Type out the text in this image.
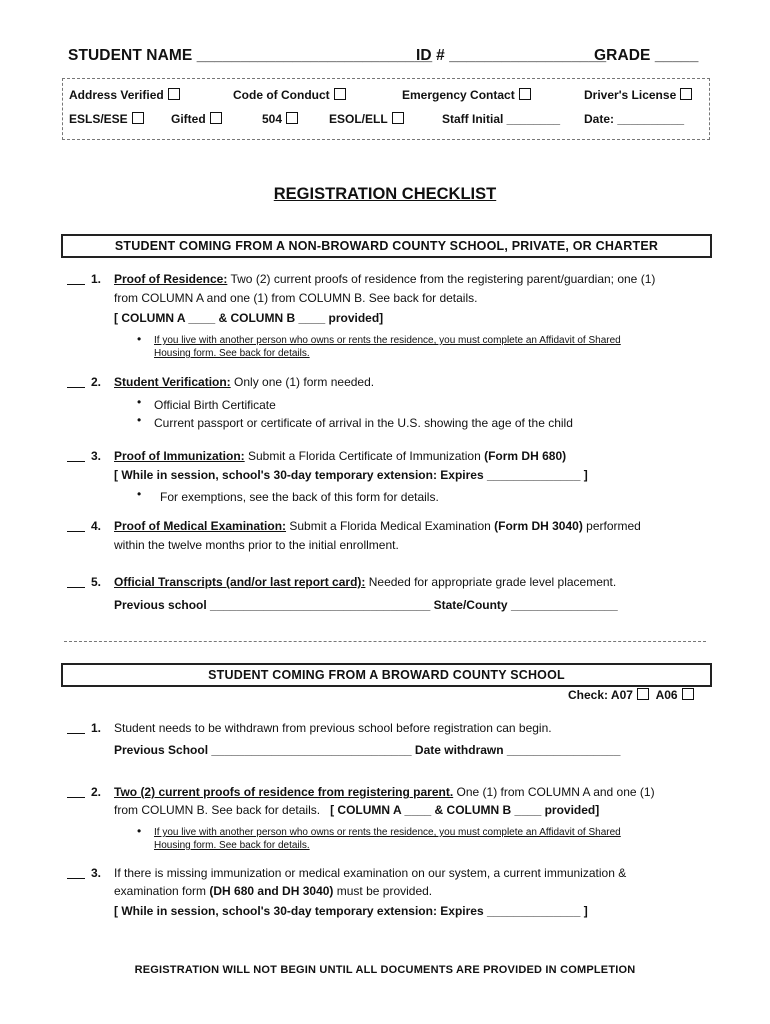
STUDENT NAME ___________________________
ID # __________________
GRADE _____
Address Verified	Code of Conduct	Emergency Contact	Driver's License
ESLS/ESE	Gifted	504	ESOL/ELL	Staff Initial ________ Date: __________
REGISTRATION CHECKLIST
STUDENT COMING FROM A NON-BROWARD COUNTY SCHOOL, PRIVATE, OR CHARTER
1. Proof of Residence: Two (2) current proofs of residence from the registering parent/guardian; one (1)
from COLUMN A and one (1) from COLUMN B. See back for details.
[ COLUMN A ____ & COLUMN B ____ provided]
• If you live with another person who owns or rents the residence, you must complete an Affidavit of Shared
Housing form. See back for details.
2. Student Verification: Only one (1) form needed.
• Official Birth Certificate
• Current passport or certificate of arrival in the U.S. showing the age of the child
3. Proof of Immunization: Submit a Florida Certificate of Immunization (Form DH 680)
[ While in session, school's 30-day temporary extension: Expires ______________ ]
• For exemptions, see the back of this form for details.
4. Proof of Medical Examination: Submit a Florida Medical Examination (Form DH 3040) performed
within the twelve months prior to the initial enrollment.
5. Official Transcripts (and/or last report card): Needed for appropriate grade level placement.
Previous school _________________________________ State/County ________________
STUDENT COMING FROM A BROWARD COUNTY SCHOOL
Check: A07 A06
1. Student needs to be withdrawn from previous school before registration can begin.
Previous School ______________________________ Date withdrawn _________________
2. Two (2) current proofs of residence from registering parent. One (1) from COLUMN A and one (1)
from COLUMN B. See back for details. [ COLUMN A ____ & COLUMN B ____ provided]
• If you live with another person who owns or rents the residence, you must complete an Affidavit of Shared
Housing form. See back for details.
3. If there is missing immunization or medical examination on our system, a current immunization &
examination form (DH 680 and DH 3040) must be provided.
[ While in session, school's 30-day temporary extension: Expires ______________ ]
REGISTRATION WILL NOT BEGIN UNTIL ALL DOCUMENTS ARE PROVIDED IN COMPLETION
